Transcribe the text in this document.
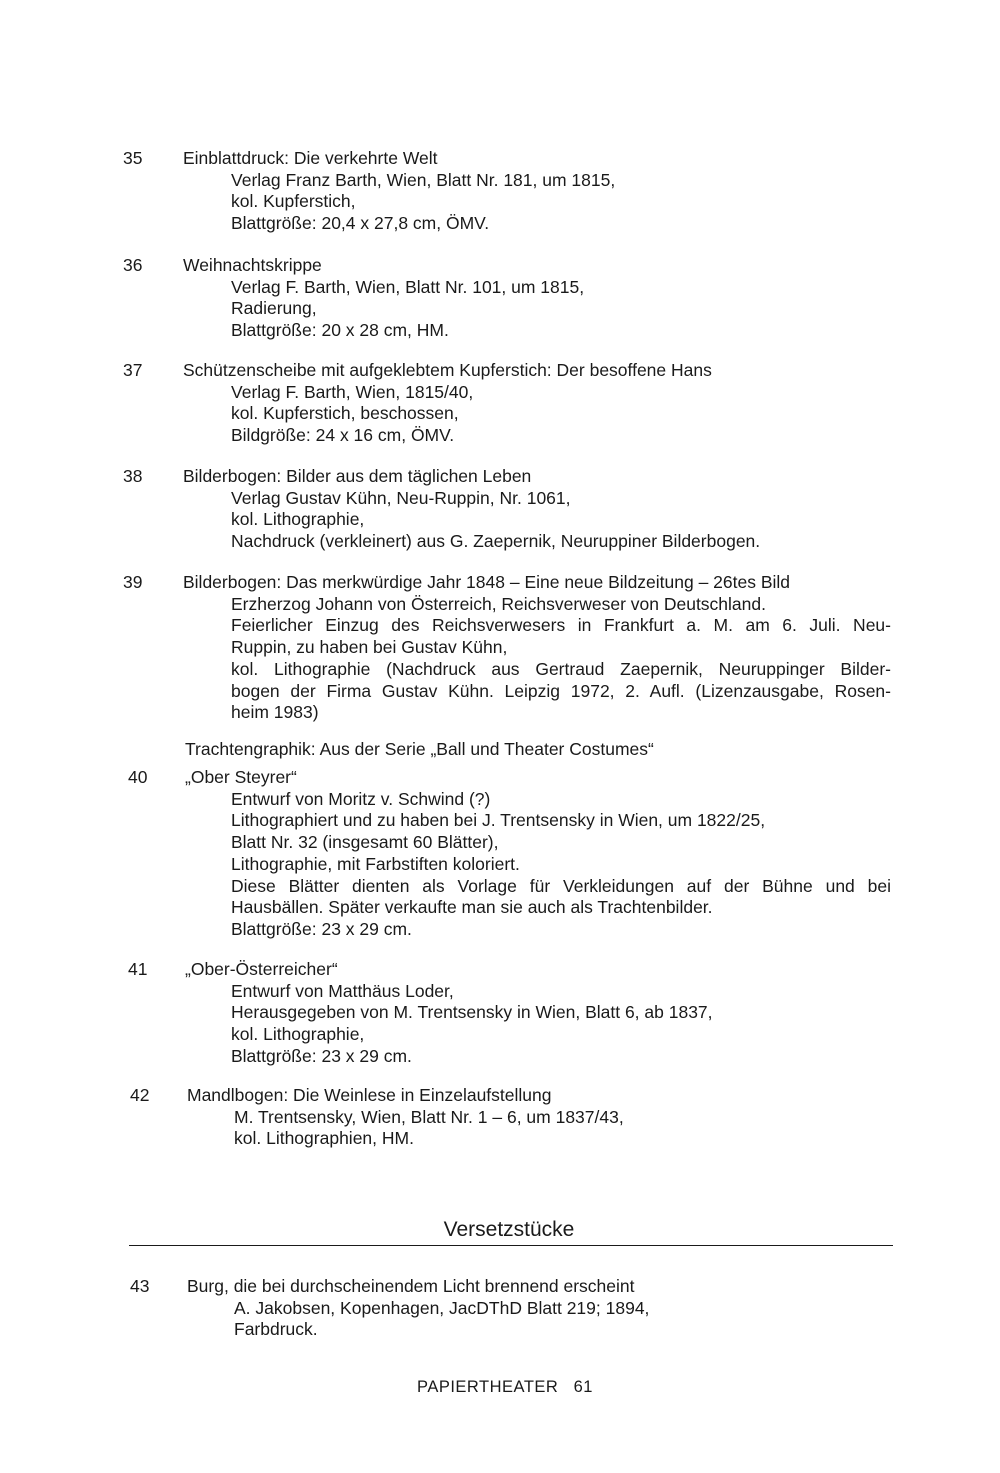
35 Einblattdruck: Die verkehrte Welt
Verlag Franz Barth, Wien, Blatt Nr. 181, um 1815,
kol. Kupferstich,
Blattgröße: 20,4 x 27,8 cm, ÖMV.
36 Weihnachtskrippe
Verlag F. Barth, Wien, Blatt Nr. 101, um 1815,
Radierung,
Blattgröße: 20 x 28 cm, HM.
37 Schützenscheibe mit aufgeklebtem Kupferstich: Der besoffene Hans
Verlag F. Barth, Wien, 1815/40,
kol. Kupferstich, beschossen,
Bildgröße: 24 x 16 cm, ÖMV.
38 Bilderbogen: Bilder aus dem täglichen Leben
Verlag Gustav Kühn, Neu-Ruppin, Nr. 1061,
kol. Lithographie,
Nachdruck (verkleinert) aus G. Zaepernik, Neuruppiner Bilderbogen.
39 Bilderbogen: Das merkwürdige Jahr 1848 – Eine neue Bildzeitung – 26tes Bild
Erzherzog Johann von Österreich, Reichsverweser von Deutschland.
Feierlicher Einzug des Reichsverwesers in Frankfurt a. M. am 6. Juli. Neu-
Ruppin, zu haben bei Gustav Kühn,
kol. Lithographie (Nachdruck aus Gertraud Zaepernik, Neuruppinger Bilder-
bogen der Firma Gustav Kühn. Leipzig 1972, 2. Aufl. (Lizenzausgabe, Rosen-
heim 1983)
Trachtengraphik: Aus der Serie „Ball und Theater Costumes“
40 „Ober Steyrer“
Entwurf von Moritz v. Schwind (?)
Lithographiert und zu haben bei J. Trentsensky in Wien, um 1822/25,
Blatt Nr. 32 (insgesamt 60 Blätter),
Lithographie, mit Farbstiften koloriert.
Diese Blätter dienten als Vorlage für Verkleidungen auf der Bühne und bei
Hausbällen. Später verkaufte man sie auch als Trachtenbilder.
Blattgröße: 23 x 29 cm.
41 „Ober-Österreicher“
Entwurf von Matthäus Loder,
Herausgegeben von M. Trentsensky in Wien, Blatt 6, ab 1837,
kol. Lithographie,
Blattgröße: 23 x 29 cm.
42 Mandlbogen: Die Weinlese in Einzelaufstellung
M. Trentsensky, Wien, Blatt Nr. 1 – 6, um 1837/43,
kol. Lithographien, HM.
Versetzstücke
43 Burg, die bei durchscheinendem Licht brennend erscheint
A. Jakobsen, Kopenhagen, JacDThD Blatt 219; 1894,
Farbdruck.
PAPIERTHEATER   61
